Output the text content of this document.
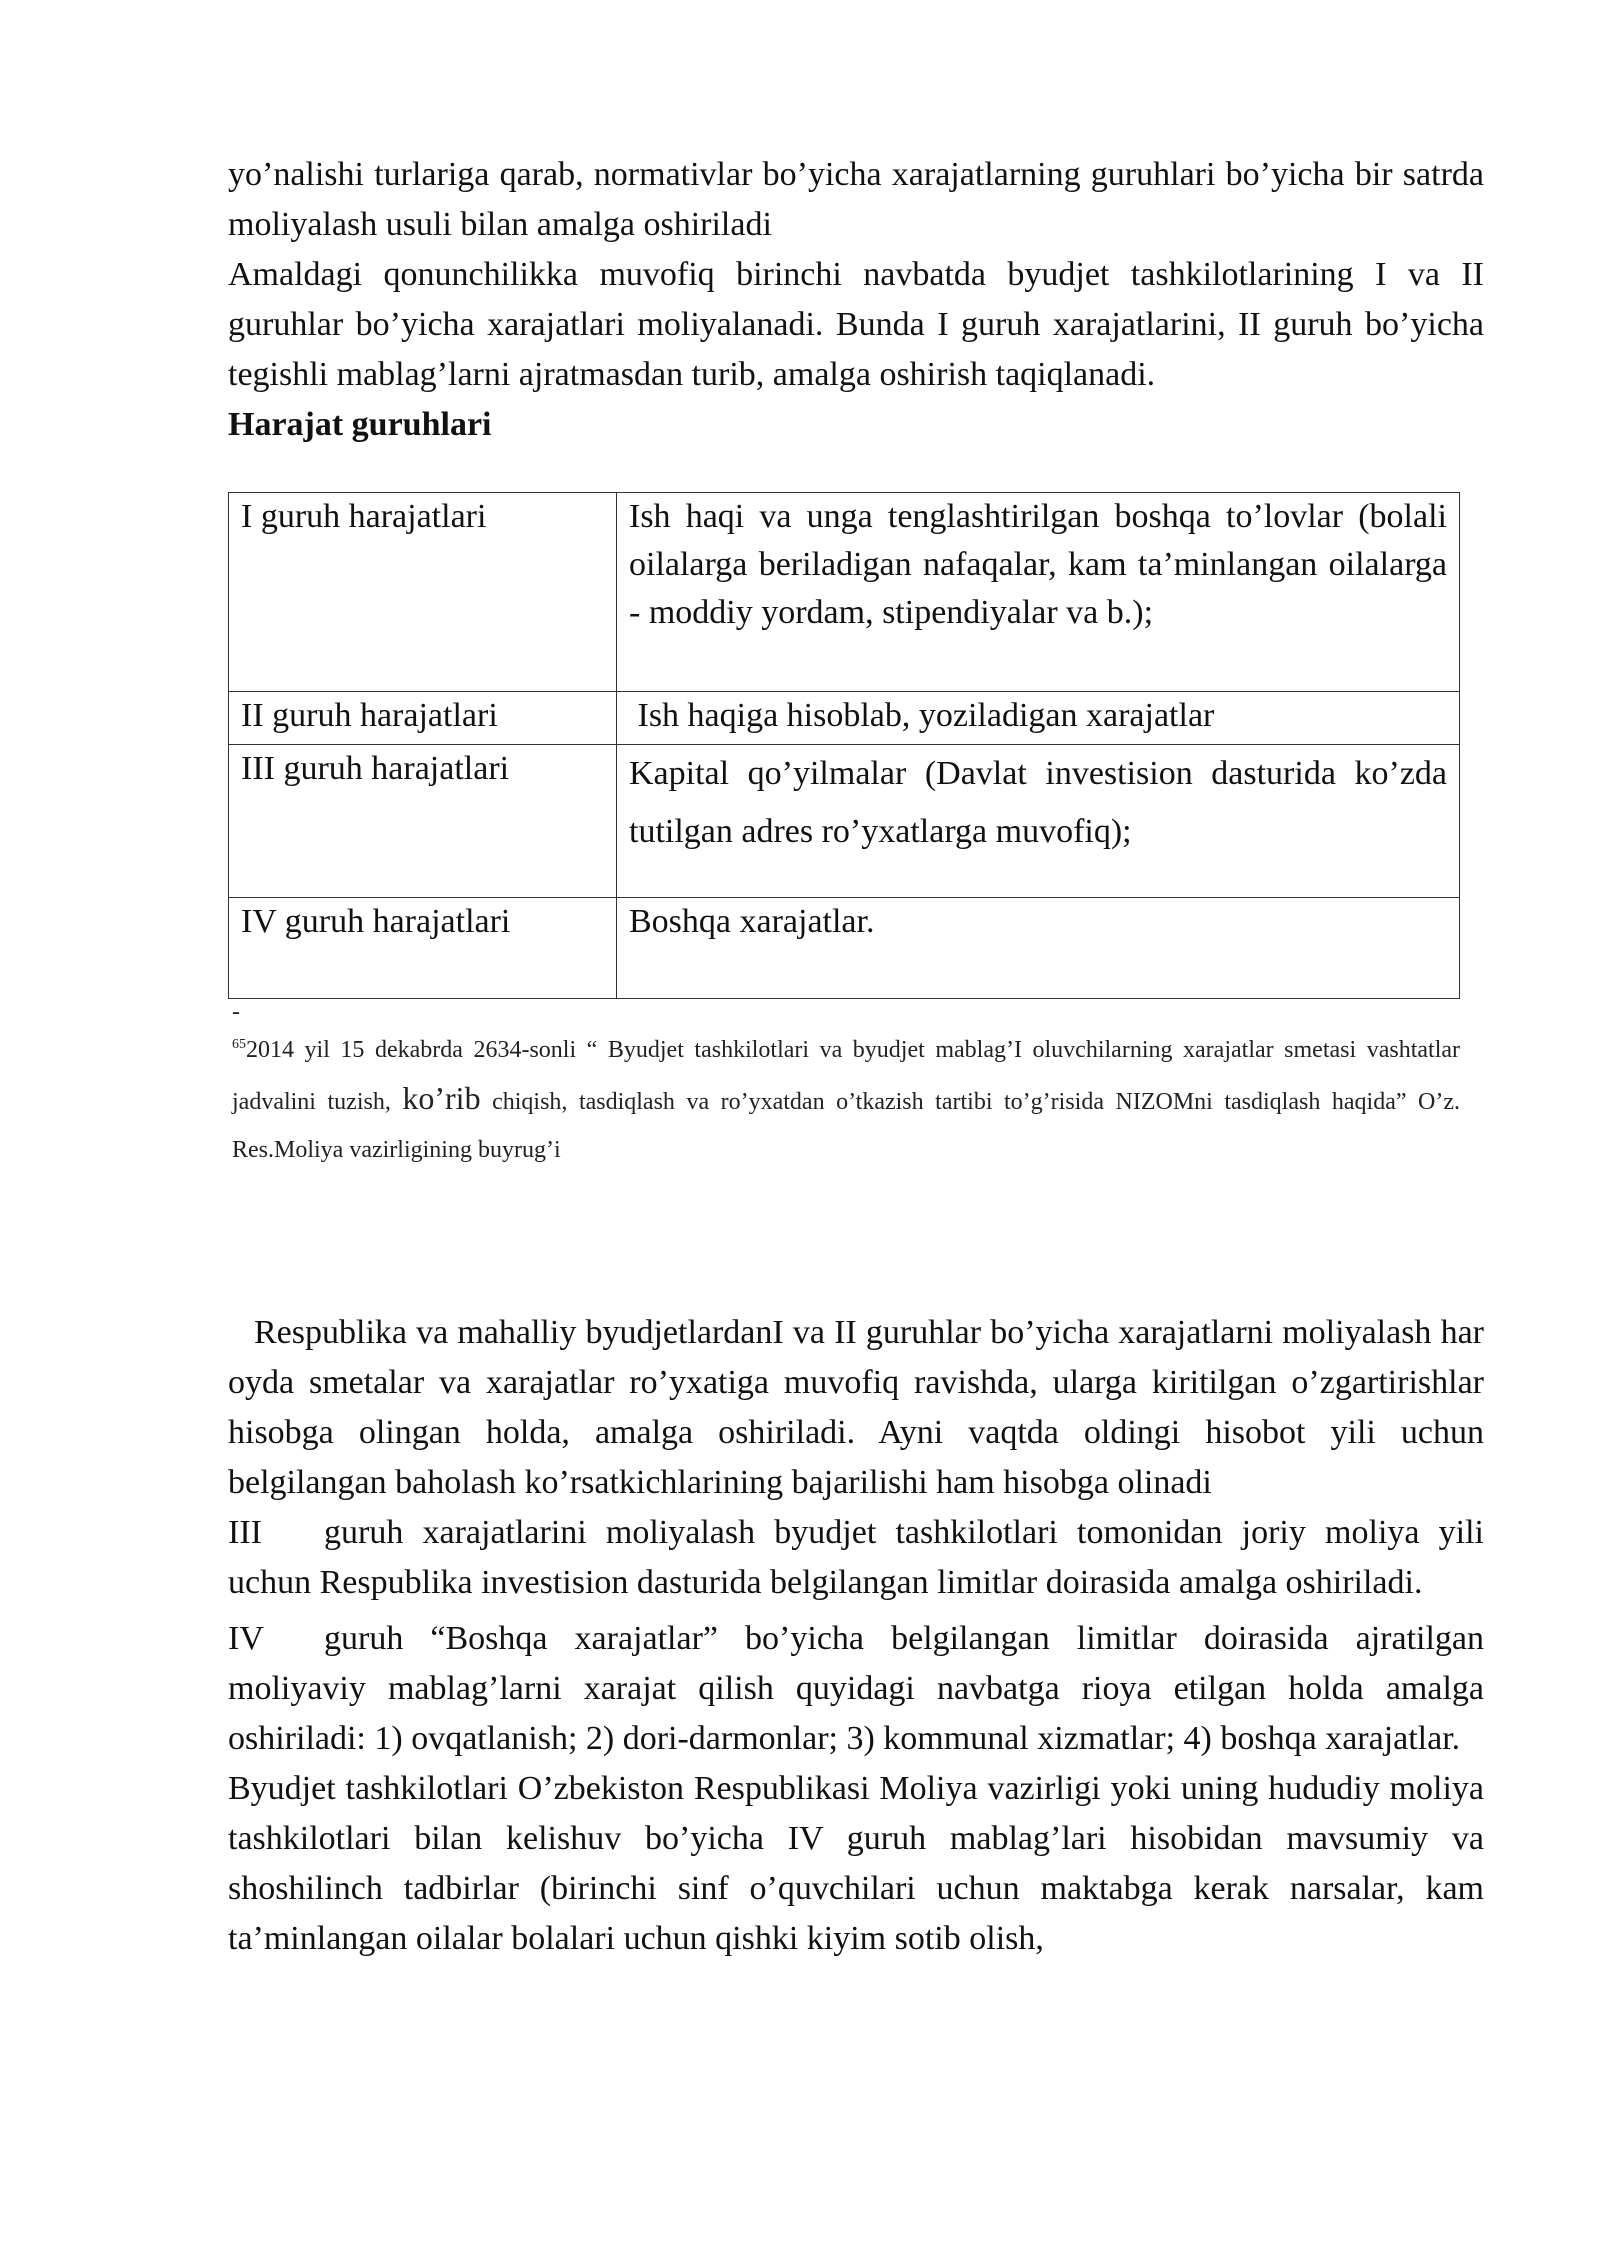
yo’nalishi turlariga qarab, normativlar bo’yicha xarajatlarning guruhlari bo’yicha bir satrda moliyalash usuli bilan amalga oshiriladi

Amaldagi qonunchilikka muvofiq birinchi navbatda byudjet tashkilotlarining I va II guruhlar bo’yicha xarajatlari moliyalanadi. Bunda I guruh xarajatlarini, II guruh bo’yicha tegishli mablag’larni ajratmasdan turib, amalga oshirish taqiqlanadi.

Harajat guruhlari

I guruh harajatlari	Ish haqi va unga tenglashtirilgan boshqa to’lovlar (bolali oilalarga beriladigan nafaqalar, kam ta’minlangan oilalarga - moddiy yordam, stipendiyalar va b.);
II guruh harajatlari	Ish haqiga hisoblab, yoziladigan xarajatlar
III guruh harajatlari	Kapital qo’yilmalar (Davlat investision dasturida ko’zda tutilgan adres ro’yxatlarga muvofiq);
IV guruh harajatlari	Boshqa xarajatlar.
-
$^{65}$2014 yil 15 dekabrda 2634-sonli “ Byudjet tashkilotlari va byudjet mablag’I oluvchilarning xarajatlar smetasi vashtatlar jadvalini tuzish, ko’rib chiqish, tasdiqlash va ro’yxatdan o’tkazish tartibi to’g’risida NIZOMni tasdiqlash haqida” O’z. Res.Moliya vazirligining buyrug’i

Respublika va mahalliy byudjetlardanI va II guruhlar bo’yicha xarajatlarni moliyalash har oyda smetalar va xarajatlar ro’yxatiga muvofiq ravishda, ularga kiritilgan o’zgartirishlar hisobga olingan holda, amalga oshiriladi. Ayni vaqtda oldingi hisobot yili uchun belgilangan baholash ko’rsatkichlarining bajarilishi ham hisobga olinadi

III guruh xarajatlarini moliyalash byudjet tashkilotlari tomonidan joriy moliya yili uchun Respublika investision dasturida belgilangan limitlar doirasida amalga oshiriladi.

IV guruh “Boshqa xarajatlar” bo’yicha belgilangan limitlar doirasida ajratilgan moliyaviy mablag’larni xarajat qilish quyidagi navbatga rioya etilgan holda amalga oshiriladi: 1) ovqatlanish; 2) dori-darmonlar; 3) kommunal xizmatlar; 4) boshqa xarajatlar.

Byudjet tashkilotlari O’zbekiston Respublikasi Moliya vazirligi yoki uning hududiy moliya tashkilotlari bilan kelishuv bo’yicha IV guruh mablag’lari hisobidan mavsumiy va shoshilinch tadbirlar (birinchi sinf o’quvchilari uchun maktabga kerak narsalar, kam ta’minlangan oilalar bolalari uchun qishki kiyim sotib olish,
